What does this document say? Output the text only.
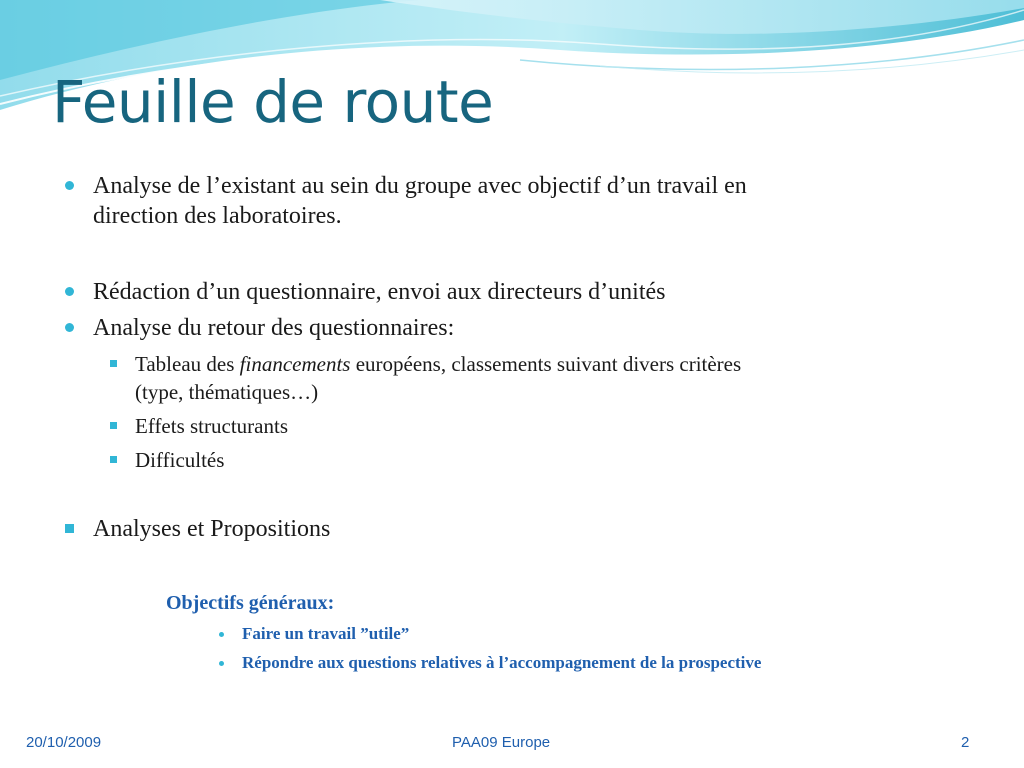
Feuille de route
Analyse de l’existant au sein du groupe avec objectif d’un travail en
direction des laboratoires.
Rédaction d’un questionnaire, envoi aux directeurs d’unités
Analyse du retour des questionnaires:
Tableau des financements européens, classements suivant divers critères
(type, thématiques…)
Effets structurants
Difficultés
Analyses et Propositions
Objectifs généraux:
Faire un travail ”utile”
Répondre aux questions relatives à l’accompagnement de la prospective
20/10/2009	PAA09 Europe	2
